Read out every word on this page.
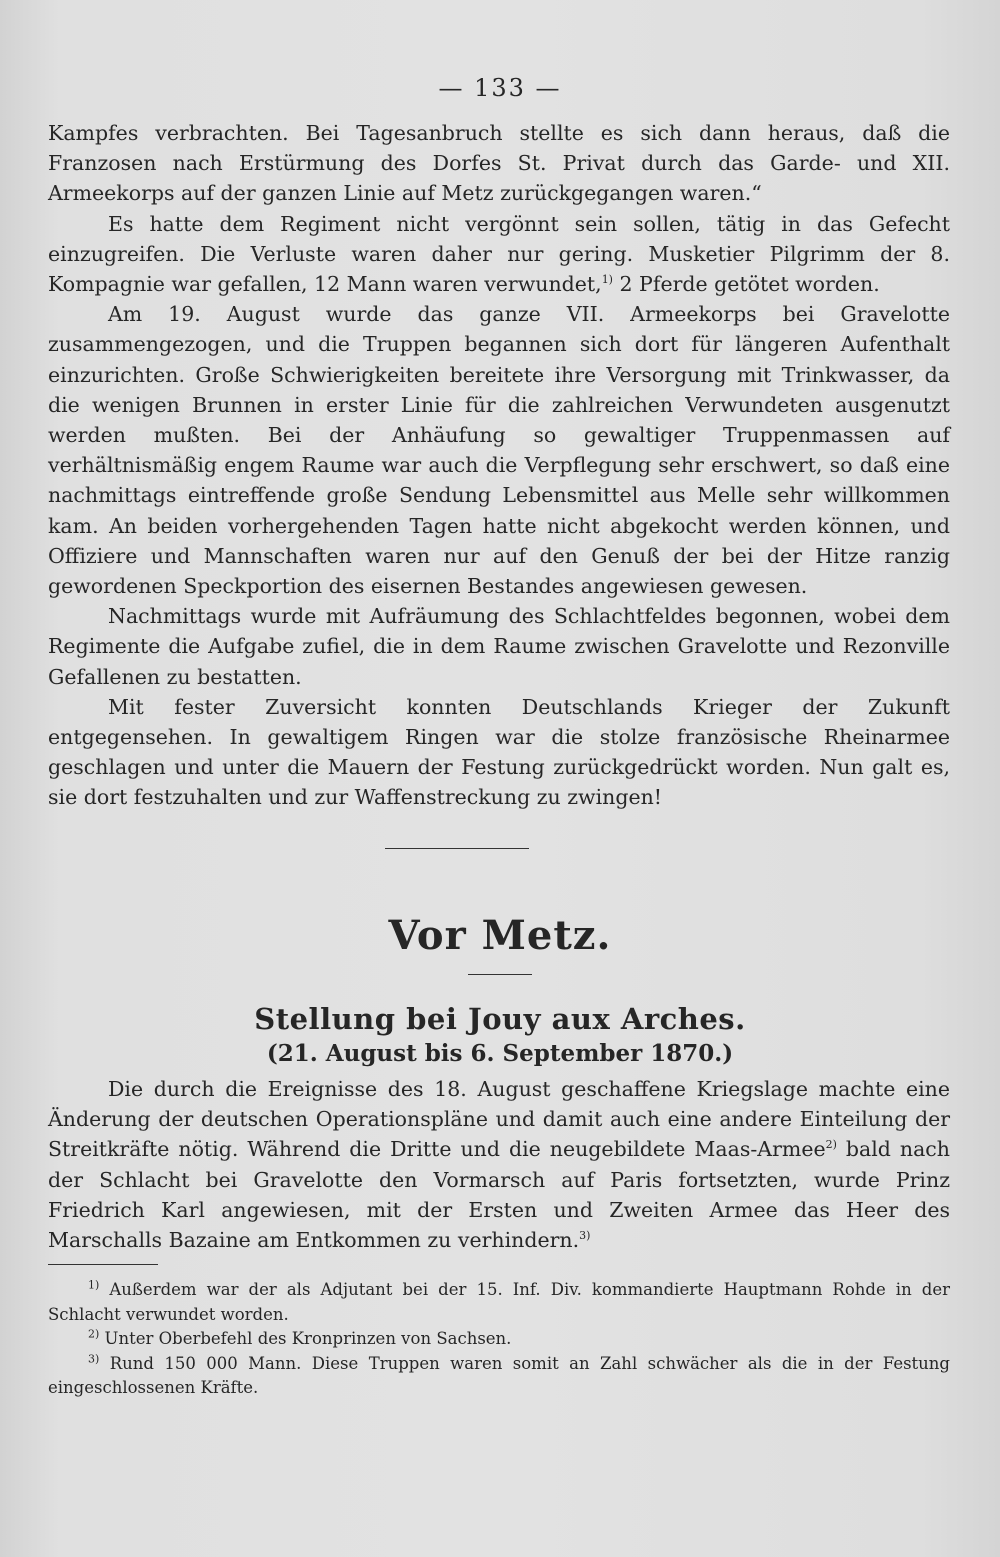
— 133 —

Kampfes verbrachten. Bei Tagesanbruch stellte es sich dann heraus, daß die Franzosen nach Erstürmung des Dorfes St. Privat durch das Garde- und XII. Armeekorps auf der ganzen Linie auf Metz zurückgegangen waren.“

Es hatte dem Regiment nicht vergönnt sein sollen, tätig in das Gefecht einzugreifen. Die Verluste waren daher nur gering. Musketier Pilgrimm der 8. Kompagnie war gefallen, 12 Mann waren verwundet,$^{1)}$ 2 Pferde getötet worden.

Am 19. August wurde das ganze VII. Armeekorps bei Gravelotte zusammengezogen, und die Truppen begannen sich dort für längeren Aufenthalt einzurichten. Große Schwierigkeiten bereitete ihre Versorgung mit Trinkwasser, da die wenigen Brunnen in erster Linie für die zahlreichen Verwundeten ausgenutzt werden mußten. Bei der Anhäufung so gewaltiger Truppenmassen auf verhältnismäßig engem Raume war auch die Verpflegung sehr erschwert, so daß eine nachmittags eintreffende große Sendung Lebensmittel aus Melle sehr willkommen kam. An beiden vorhergehenden Tagen hatte nicht abgekocht werden können, und Offiziere und Mannschaften waren nur auf den Genuß der bei der Hitze ranzig gewordenen Speckportion des eisernen Bestandes angewiesen gewesen.

Nachmittags wurde mit Aufräumung des Schlachtfeldes begonnen, wobei dem Regimente die Aufgabe zufiel, die in dem Raume zwischen Gravelotte und Rezonville Gefallenen zu bestatten.

Mit fester Zuversicht konnten Deutschlands Krieger der Zukunft entgegensehen. In gewaltigem Ringen war die stolze französische Rheinarmee geschlagen und unter die Mauern der Festung zurückgedrückt worden. Nun galt es, sie dort festzuhalten und zur Waffenstreckung zu zwingen!

Vor Metz.
Stellung bei Jouy aux Arches.
(21. August bis 6. September 1870.)

Die durch die Ereignisse des 18. August geschaffene Kriegslage machte eine Änderung der deutschen Operationspläne und damit auch eine andere Einteilung der Streitkräfte nötig. Während die Dritte und die neugebildete Maas-Armee$^{2)}$ bald nach der Schlacht bei Gravelotte den Vormarsch auf Paris fortsetzten, wurde Prinz Friedrich Karl angewiesen, mit der Ersten und Zweiten Armee das Heer des Marschalls Bazaine am Entkommen zu verhindern.$^{3)}$

$^{1)}$ Außerdem war der als Adjutant bei der 15. Inf. Div. kommandierte Hauptmann Rohde in der Schlacht verwundet worden.

$^{2)}$ Unter Oberbefehl des Kronprinzen von Sachsen.

$^{3)}$ Rund 150 000 Mann. Diese Truppen waren somit an Zahl schwächer als die in der Festung eingeschlossenen Kräfte.
